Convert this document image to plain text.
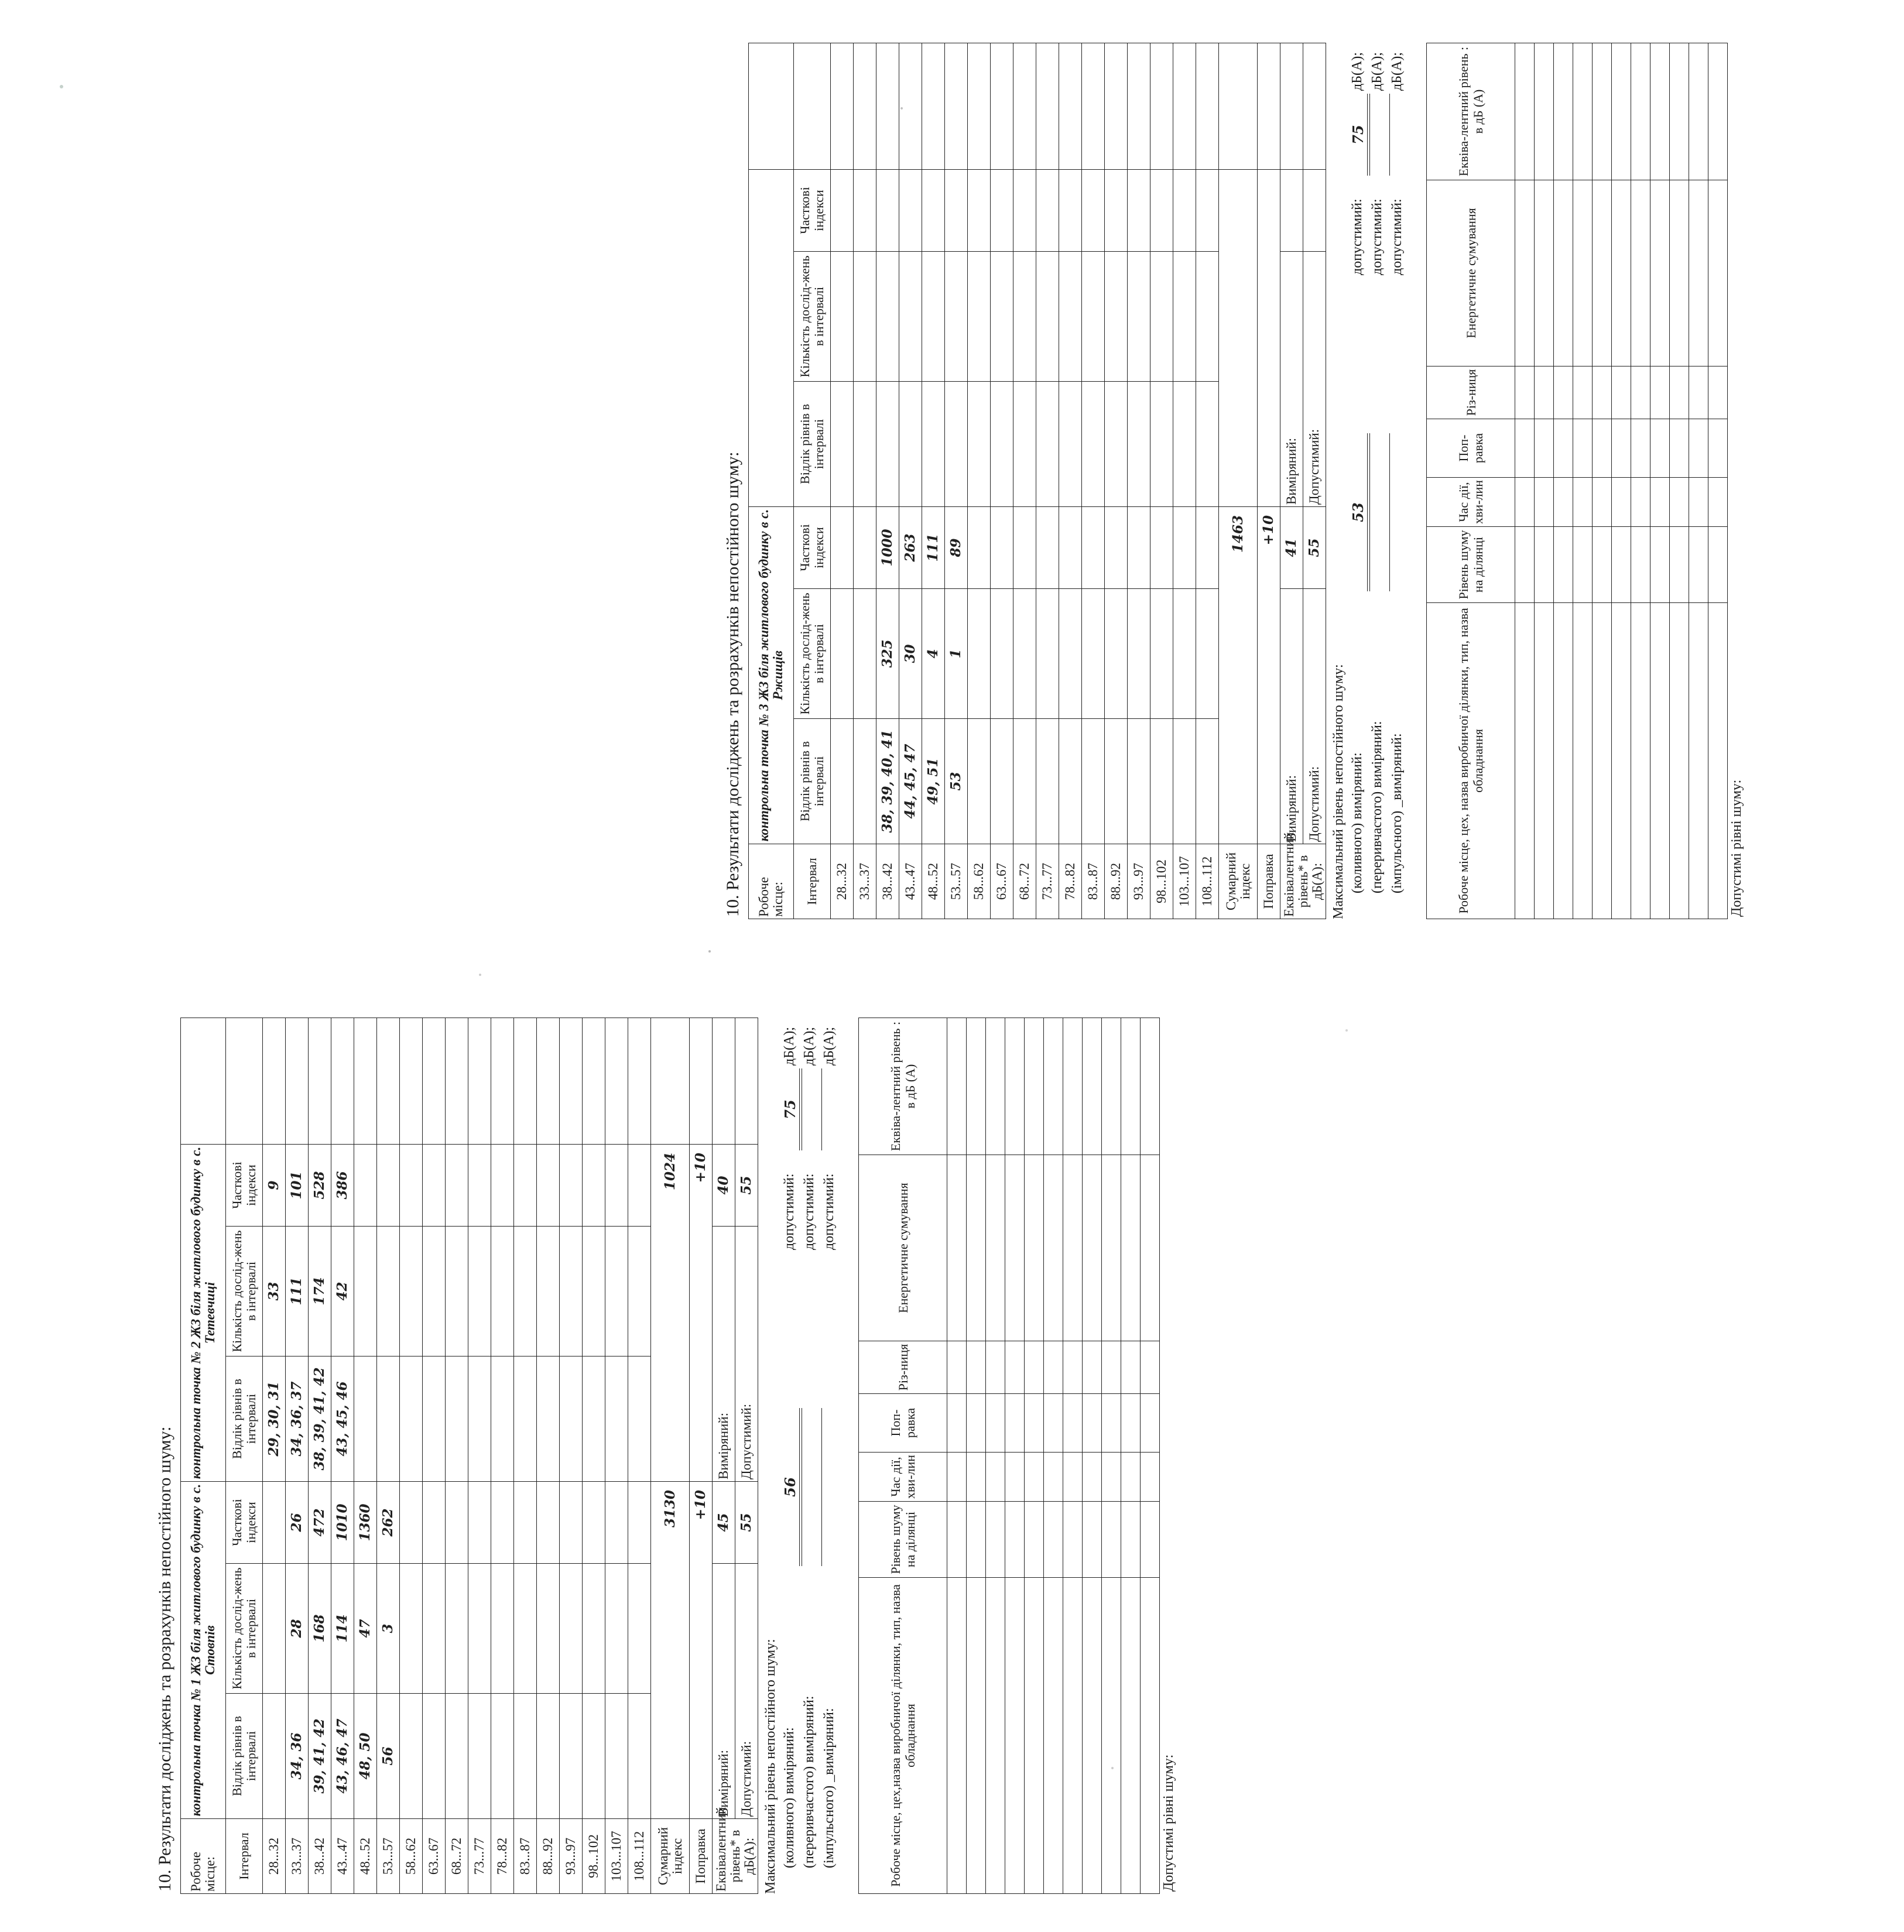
10. Результати досліджень та розрахунків непостійного шуму: Робоче місце:	контрольна точка № 1 ЖЗ біля житлового будинку в с. Стовпів			контрольна точка № 2 ЖЗ біля житлового будинку в с. Тетевчиці			
Інтервал	Відлік рівнів в інтервалі	Кількість дослід-жень в інтервалі	Часткові індекси	Відлік рівнів в інтервалі	Кількість дослід-жень в інтервалі	Часткові індекси	
28...32				29, 30, 31	33	9	
33...37	34, 36	28	26	34, 36, 37	111	101	
38...42	39, 41, 42	168	472	38, 39, 41, 42	174	528	
43...47	43, 46, 47	114	1010	43, 45, 46	42	386	
48...52	48, 50	47	1360				
53...57	56	3	262				
58...62							
63...67							
68...72							
73...77							
78...82							
83...87							
88...92							
93...97							
98...102							
103...107							
108...112							
Сумарний індекс	3130			1024			
Поправка	+10			+10			
Еквівалентний рівень* в дБ(А):	Виміряний:		45	Виміряний:		40	
	Допустимий:		55	Допустимий:		55	
Максимальний рівень непостійного шуму: (коливного) виміряний:
56
допустимий:
75
дБ(А);
(переривчастого) виміряний:
допустимий:
дБ(А);
(імпульсного) _виміряний:
допустимий:
дБ(А);
Робоче місце, цех,назва виробничої ділянки, тип, назва обладнання	Рівень шуму на ділянці	Час дії, хви-лин	Поп-равка	Різ-ниця	Енергетичне сумування	Еквіва-лентний рівень : в дБ (А)

Допустимі рівні шуму:
10. Результати досліджень та розрахунків непостійного шуму: Робоче місце:	контрольна точка № 3 ЖЗ біля житлового будинку в с. Ржищів						
Інтервал	Відлік рівнів в інтервалі	Кількість дослід-жень в інтервалі	Часткові індекси	Відлік рівнів в інтервалі	Кількість дослід-жень в інтервалі	Часткові індекси	
28...32							
33...37							
38...42	38, 39, 40, 41	325	1000				
43...47	44, 45, 47	30	263				
48...52	49, 51	4	111				
53...57	53	1	89				
58...62							
63...67							
68...72							
73...77							
78...82							
83...87							
88...92							
93...97							
98...102							
103...107							
108...112							
Сумарний індекс	1463						
Поправка	+10						
Еквівалентний рівень* в дБ(А):	Виміряний:		41	Виміряний:			
	Допустимий:		55	Допустимий:			
Максимальний рівень непостійного шуму: (коливного) виміряний:
53
допустимий:
75
дБ(А);
(переривчастого) виміряний:
допустимий:
дБ(А);
(імпульсного) _виміряний:
допустимий:
дБ(А);
Робоче місце, цех, назва виробничої ділянки, тип, назва обладнання	Рівень шуму на ділянці	Час дії, хви-лин	Поп-равка	Різ-ниця	Енергетичне сумування	Еквіва-лентний рівень : в дБ (А)

Допустимі рівні шуму:
